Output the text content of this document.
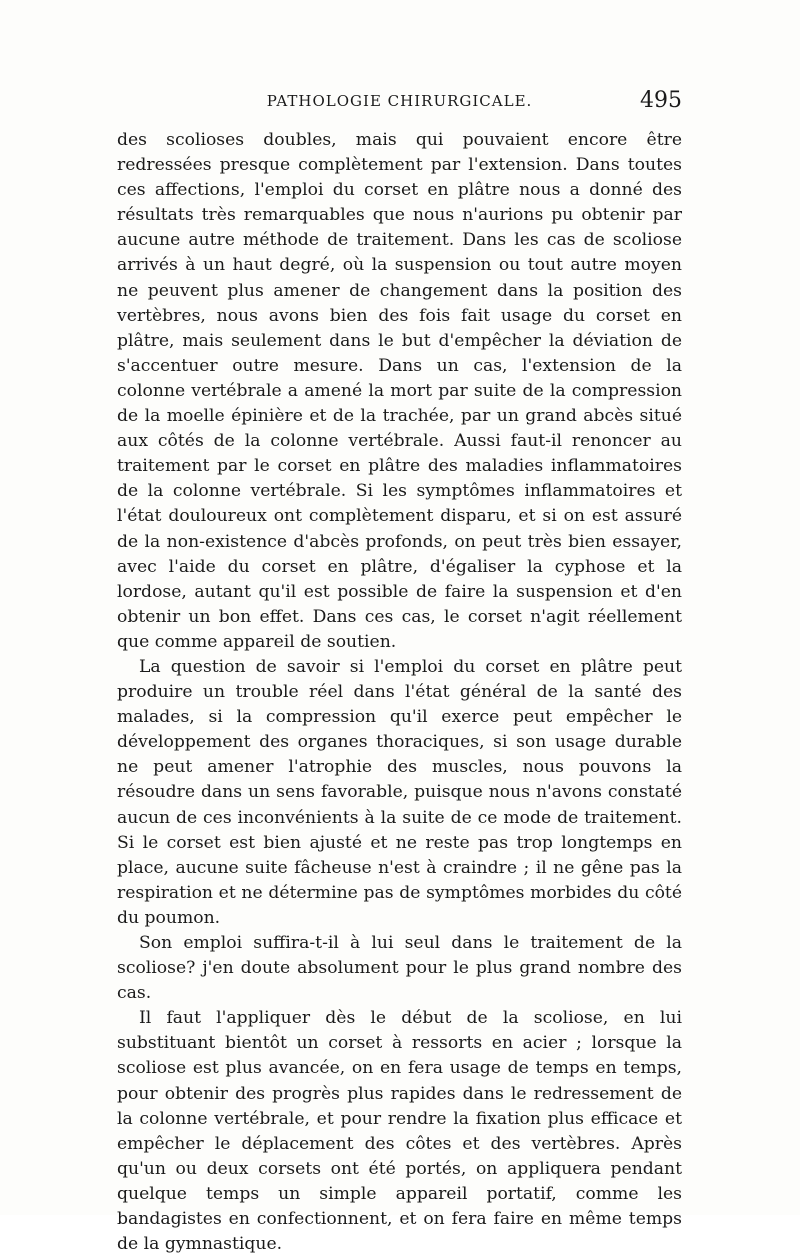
PATHOLOGIE CHIRURGICALE.	495

des scolioses doubles, mais qui pouvaient encore être redressées presque complètement par l'extension. Dans toutes ces affections, l'emploi du corset en plâtre nous a donné des résultats très remarquables que nous n'aurions pu obtenir par aucune autre méthode de traitement. Dans les cas de scoliose arrivés à un haut degré, où la suspension ou tout autre moyen ne peuvent plus amener de changement dans la position des vertèbres, nous avons bien des fois fait usage du corset en plâtre, mais seulement dans le but d'empêcher la déviation de s'accentuer outre mesure. Dans un cas, l'extension de la colonne vertébrale a amené la mort par suite de la compression de la moelle épinière et de la trachée, par un grand abcès situé aux côtés de la colonne vertébrale. Aussi faut-il renoncer au traitement par le corset en plâtre des maladies inflammatoires de la colonne vertébrale. Si les symptômes inflammatoires et l'état douloureux ont complètement disparu, et si on est assuré de la non-existence d'abcès profonds, on peut très bien essayer, avec l'aide du corset en plâtre, d'égaliser la cyphose et la lordose, autant qu'il est possible de faire la suspension et d'en obtenir un bon effet. Dans ces cas, le corset n'agit réellement que comme appareil de soutien.

La question de savoir si l'emploi du corset en plâtre peut produire un trouble réel dans l'état général de la santé des malades, si la compression qu'il exerce peut empêcher le développement des organes thoraciques, si son usage durable ne peut amener l'atrophie des muscles, nous pouvons la résoudre dans un sens favorable, puisque nous n'avons constaté aucun de ces inconvénients à la suite de ce mode de traitement. Si le corset est bien ajusté et ne reste pas trop longtemps en place, aucune suite fâcheuse n'est à craindre ; il ne gêne pas la respiration et ne détermine pas de symptômes morbides du côté du poumon.

Son emploi suffira-t-il à lui seul dans le traitement de la scoliose? j'en doute absolument pour le plus grand nombre des cas.

Il faut l'appliquer dès le début de la scoliose, en lui substituant bientôt un corset à ressorts en acier ; lorsque la scoliose est plus avancée, on en fera usage de temps en temps, pour obtenir des progrès plus rapides dans le redressement de la colonne vertébrale, et pour rendre la fixation plus efficace et empêcher le déplacement des côtes et des vertèbres. Après qu'un ou deux corsets ont été portés, on appliquera pendant quelque temps un simple appareil portatif, comme les bandagistes en confectionnent, et on fera faire en même temps de la gymnastique.
